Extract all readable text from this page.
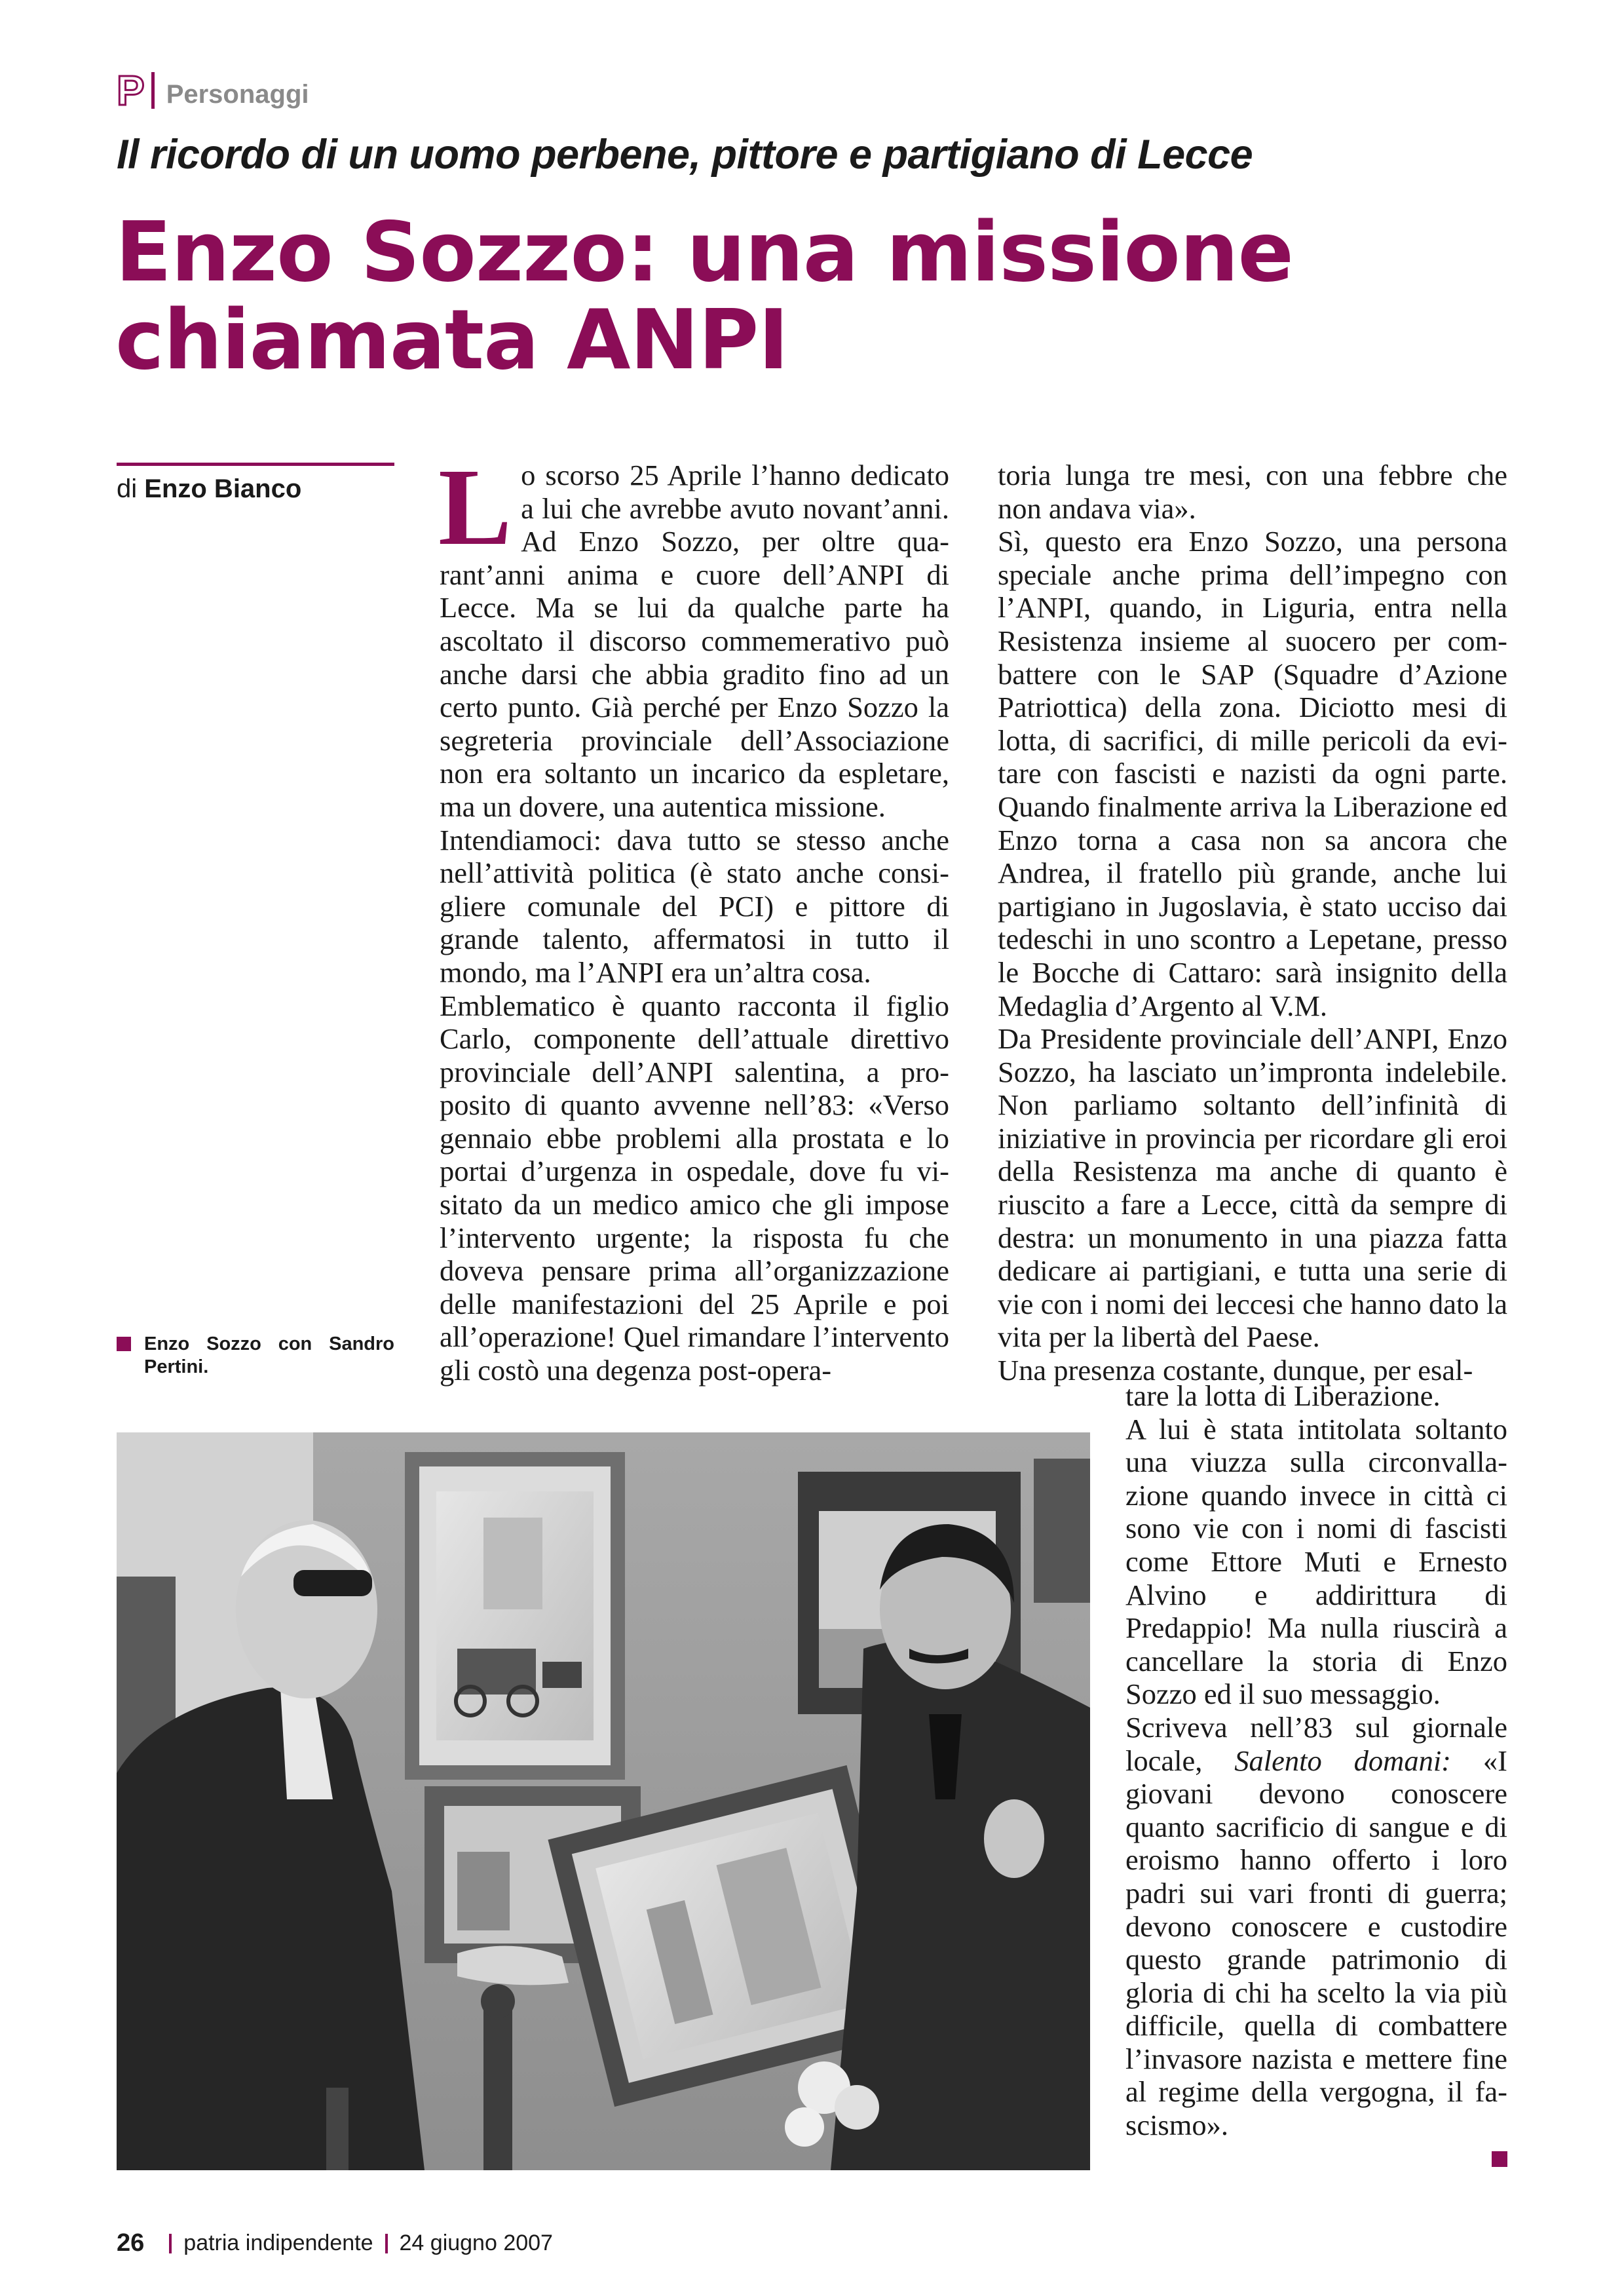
P Personaggi
Il ricordo di un uomo perbene, pittore e partigiano di Lecce
Enzo Sozzo: una missione chiamata ANPI
di Enzo Bianco Lo scorso 25 Aprile l’hanno dedicato a lui che avrebbe avuto novant’anni. Ad Enzo Sozzo, per oltre quarant’anni anima e cuore dell’ANPI di Lecce. Ma se lui da qualche parte ha ascoltato il discorso commemerativo può anche darsi che abbia gradito fino ad un certo punto. Già perché per Enzo Sozzo la segreteria provinciale dell’Associazione non era soltanto un incarico da espletare, ma un dovere, una autentica missione.

Intendiamoci: dava tutto se stesso anche nell’attività politica (è stato anche consigliere comunale del PCI) e pittore di grande talento, affermatosi in tutto il mondo, ma l’ANPI era un’altra cosa.

Emblematico è quanto racconta il figlio Carlo, componente dell’attuale direttivo provinciale dell’ANPI salentina, a proposito di quanto avvenne nell’83: «Verso gennaio ebbe problemi alla prostata e lo portai d’urgenza in ospedale, dove fu visitato da un medico amico che gli impose l’intervento urgente; la risposta fu che doveva pensare prima all’organizzazione delle manifestazioni del 25 Aprile e poi all’operazione! Quel rimandare l’intervento gli costò una degenza post-opera-

toria lunga tre mesi, con una febbre che non andava via».

Sì, questo era Enzo Sozzo, una persona speciale anche prima dell’impegno con l’ANPI, quando, in Liguria, entra nella Resistenza insieme al suocero per combattere con le SAP (Squadre d’Azione Patriottica) della zona. Diciotto mesi di lotta, di sacrifici, di mille pericoli da evitare con fascisti e nazisti da ogni parte. Quando finalmente arriva la Liberazione ed Enzo torna a casa non sa ancora che Andrea, il fratello più grande, anche lui partigiano in Jugoslavia, è stato ucciso dai tedeschi in uno scontro a Lepetane, presso le Bocche di Cattaro: sarà insignito della Medaglia d’Argento al V.M.

Da Presidente provinciale dell’ANPI, Enzo Sozzo, ha lasciato un’impronta indelebile. Non parliamo soltanto dell’infinità di iniziative in provincia per ricordare gli eroi della Resistenza ma anche di quanto è riuscito a fare a Lecce, città da sempre di destra: un monumento in una piazza fatta dedicare ai partigiani, e tutta una serie di vie con i nomi dei leccesi che hanno dato la vita per la libertà del Paese.

Una presenza costante, dunque, per esal-

tare la lotta di Liberazione.

A lui è stata intitolata soltanto una viuzza sulla circonvallazione quando invece in città ci sono vie con i nomi di fascisti come Ettore Muti e Ernesto Alvino e addirittura di Predappio! Ma nulla riuscirà a cancellare la storia di Enzo Sozzo ed il suo messaggio.

Scriveva nell’83 sul giornale locale, Salento domani: «I giovani devono conoscere quanto sacrificio di sangue e di eroismo hanno offerto i loro padri sui vari fronti di guerra; devono conoscere e custodire questo grande patrimonio di gloria di chi ha scelto la via più difficile, quella di combattere l’invasore nazista e mettere fine al regime della vergogna, il fascismo».

Enzo Sozzo con Sandro Pertini.
26 patria indipendente 24 giugno 2007
